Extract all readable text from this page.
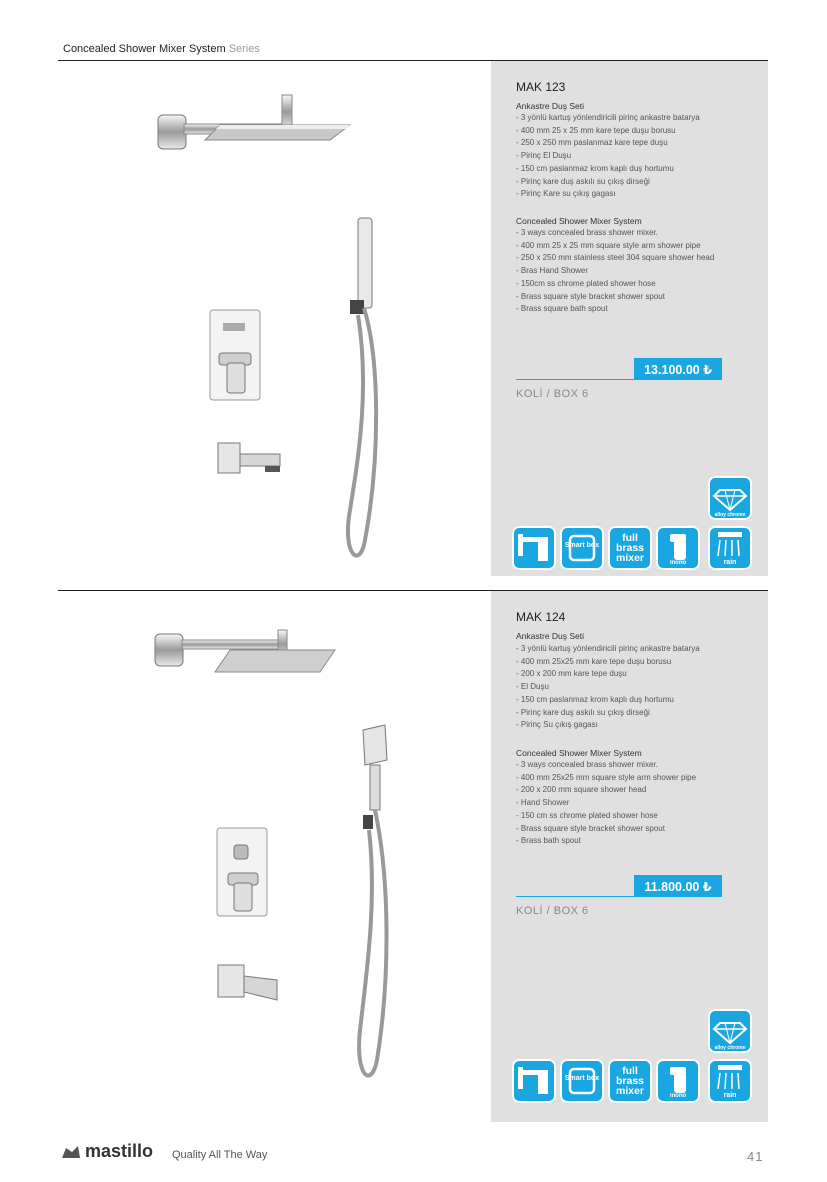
Concealed Shower Mixer System Series
MAK 123
Ankastre Duş Seti
- 3 yönlü kartuş yönlendiricili pirinç ankastre batarya
- 400 mm 25 x 25 mm kare tepe duşu borusu
- 250 x 250 mm paslanmaz kare tepe duşu
- Pirinç El Duşu
- 150 cm paslanmaz krom kaplı duş hortumu
- Pirinç kare duş askılı su çıkış dirseği
- Pirinç Kare su çıkış gagası
Concealed Shower Mixer System
- 3 ways concealed brass shower mixer.
- 400 mm 25 x 25 mm square style arm shower pipe
- 250 x 250 mm stainless steel 304 square shower head
- Bras Hand Shower
- 150cm ss chrome plated shower hose
- Brass square style bracket shower spout
- Brass square bath spout
13.100.00 ₺
KOLİ / BOX 6
alloy chrome
Smart box
full
brass
mixer	mono	rain
MAK 124
Ankastre Duş Seti
- 3 yönlü kartuş yönlendiricili pirinç ankastre batarya
- 400 mm 25x25 mm kare tepe duşu borusu
- 200 x 200 mm kare tepe duşu
- El Duşu
- 150 cm paslanmaz krom kaplı duş hortumu
- Pirinç kare duş askılı su çıkış dirseği
- Pirinç Su çıkış gagası
Concealed Shower Mixer System
- 3 ways concealed brass shower mixer.
- 400 mm 25x25 mm square style arm shower pipe
- 200 x 200 mm square shower head
- Hand Shower
- 150 cm ss chrome plated shower hose
- Brass square style bracket shower spout
- Brass bath spout
11.800.00 ₺
KOLİ / BOX 6
alloy chrome
Smart box
full
brass
mixer	mono	rain
mastillo Quality All The Way	41
